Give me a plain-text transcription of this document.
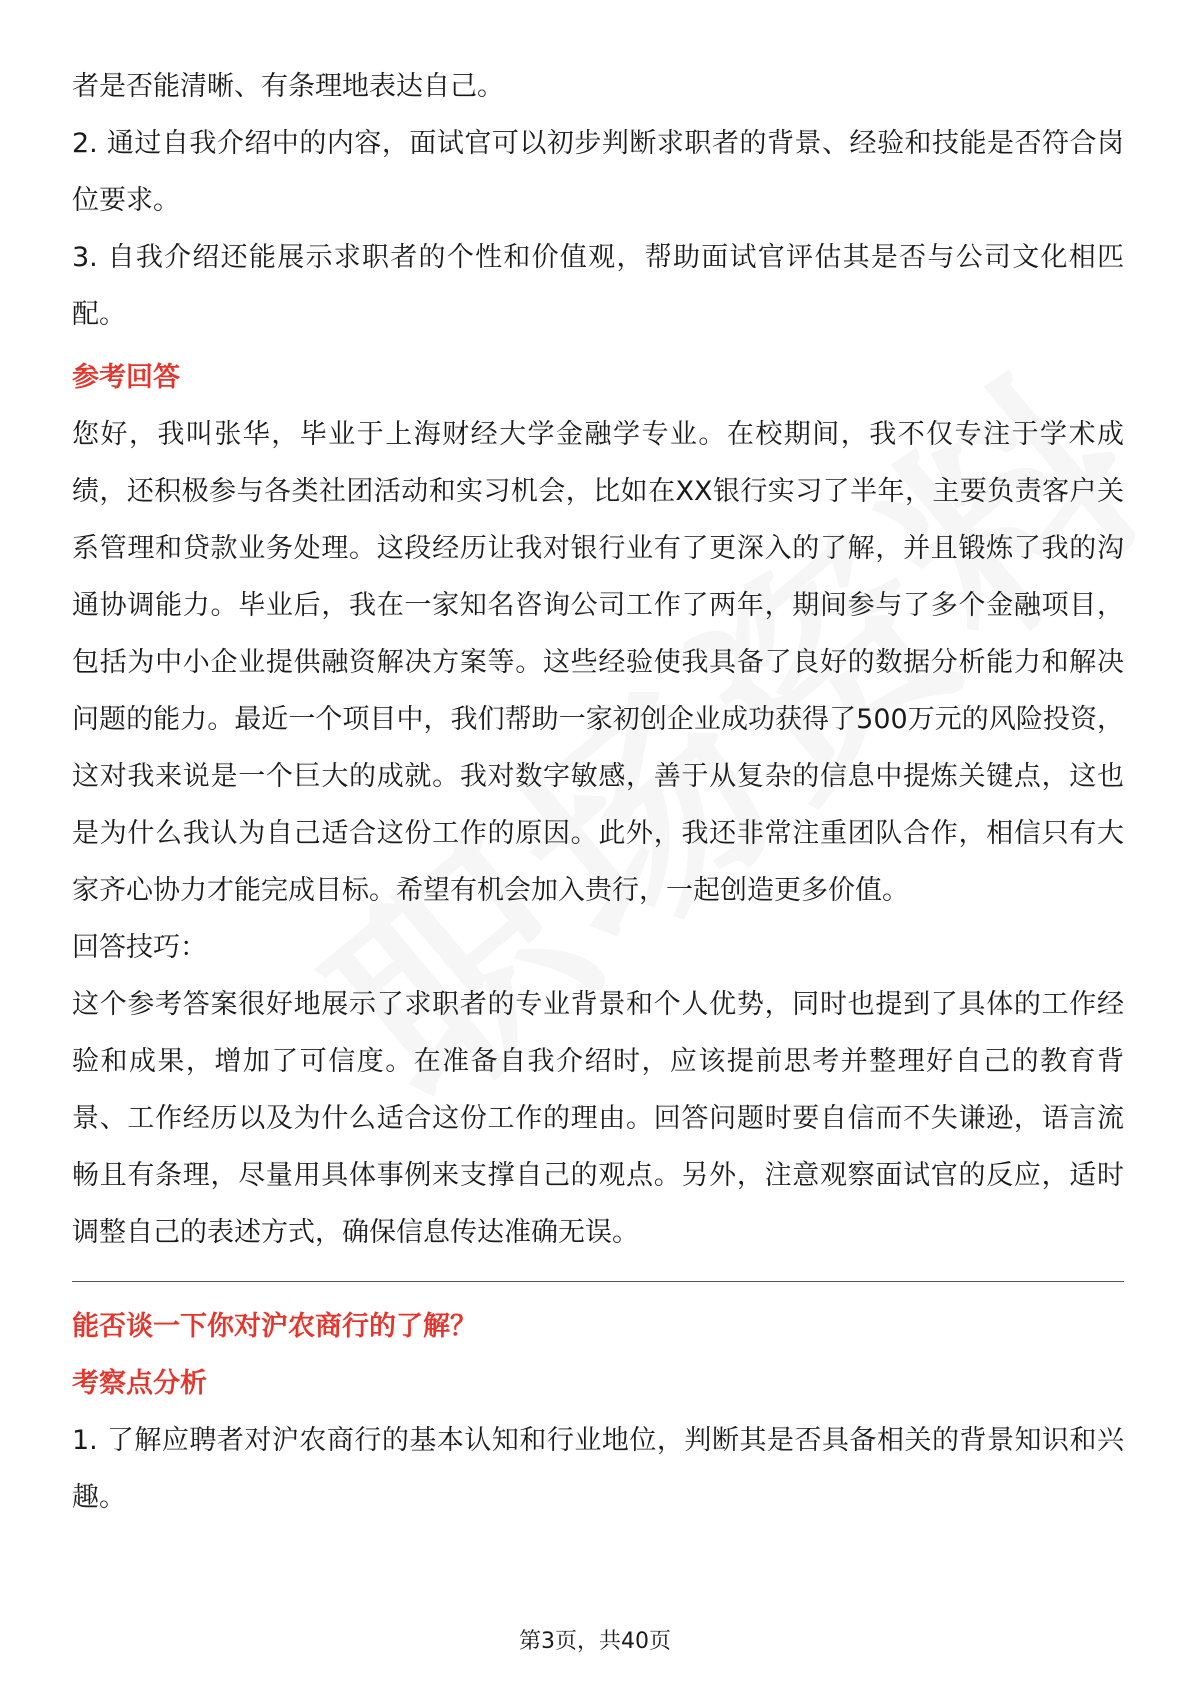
者是否能清晰、有条理地表达自己。

2. 通过自我介绍中的内容，面试官可以初步判断求职者的背景、经验和技能是否符合岗位要求。

3. 自我介绍还能展示求职者的个性和价值观，帮助面试官评估其是否与公司文化相匹配。

参考回答

您好，我叫张华，毕业于上海财经大学金融学专业。在校期间，我不仅专注于学术成绩，还积极参与各类社团活动和实习机会，比如在XX银行实习了半年，主要负责客户关系管理和贷款业务处理。这段经历让我对银行业有了更深入的了解，并且锻炼了我的沟通协调能力。毕业后，我在一家知名咨询公司工作了两年，期间参与了多个金融项目，包括为中小企业提供融资解决方案等。这些经验使我具备了良好的数据分析能力和解决问题的能力。最近一个项目中，我们帮助一家初创企业成功获得了500万元的风险投资，这对我来说是一个巨大的成就。我对数字敏感，善于从复杂的信息中提炼关键点，这也是为什么我认为自己适合这份工作的原因。此外，我还非常注重团队合作，相信只有大家齐心协力才能完成目标。希望有机会加入贵行，一起创造更多价值。

回答技巧：

这个参考答案很好地展示了求职者的专业背景和个人优势，同时也提到了具体的工作经验和成果，增加了可信度。在准备自我介绍时，应该提前思考并整理好自己的教育背景、工作经历以及为什么适合这份工作的理由。回答问题时要自信而不失谦逊，语言流畅且有条理，尽量用具体事例来支撑自己的观点。另外，注意观察面试官的反应，适时调整自己的表述方式，确保信息传达准确无误。

能否谈一下你对沪农商行的了解？

考察点分析

1. 了解应聘者对沪农商行的基本认知和行业地位，判断其是否具备相关的背景知识和兴趣。

第3页，共40页
